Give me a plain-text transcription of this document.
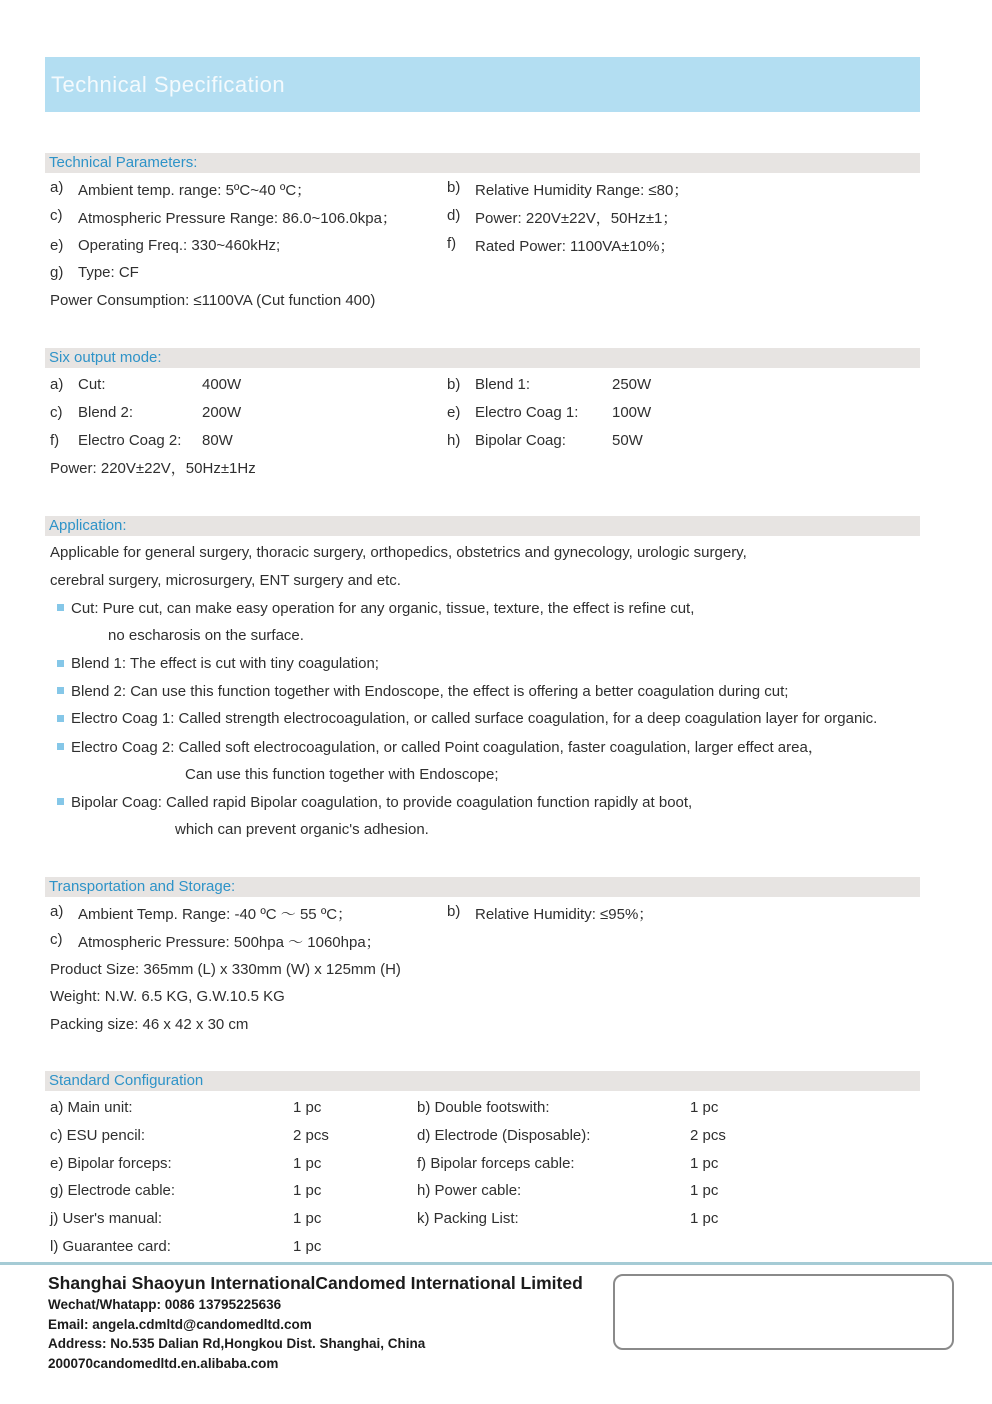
Technical Specification
Technical Parameters:
a) Ambient temp. range: 5ºC~40 ºC；	b) Relative Humidity Range: ≤80；
c)	Atmospheric Pressure Range: 86.0~106.0kpa；	d) Power: 220V±22V，50Hz±1；
e) Operating Freq.: 330~460kHz;	f)	Rated Power: 1100VA±10%；
g) Type: CF
Power Consumption: ≤1100VA (Cut function 400)
Six output mode:
a) Cut:	400W	b) Blend 1:	250W
c)	Blend 2:	200W	e) Electro Coag 1:	100W
f)	Electro Coag 2:	80W	h) Bipolar Coag:	50W
Power: 220V±22V，50Hz±1Hz
Application:
Applicable for general surgery, thoracic surgery, orthopedics, obstetrics and gynecology, urologic surgery,
cerebral surgery, microsurgery, ENT surgery and etc.
Cut: Pure cut, can make easy operation for any organic, tissue, texture, the effect is refine cut,
no escharosis on the surface.
Blend 1: The effect is cut with tiny coagulation;
Blend 2: Can use this function together with Endoscope, the effect is offering a better coagulation during cut;
Electro Coag 1: Called strength electrocoagulation, or called surface coagulation, for a deep coagulation layer for organic.
Electro Coag 2: Called soft electrocoagulation, or called Point coagulation, faster coagulation, larger effect area，
Can use this function together with Endoscope;
Bipolar Coag: Called rapid Bipolar coagulation, to provide coagulation function rapidly at boot,
which can prevent organic's adhesion.
Transportation and Storage:
a) Ambient Temp. Range: -40 ºC ～ 55 ºC；	b) Relative Humidity: ≤95%；
c)	Atmospheric Pressure: 500hpa ～ 1060hpa；
Product Size: 365mm (L) x 330mm (W) x 125mm (H)
Weight: N.W. 6.5 KG, G.W.10.5 KG
Packing size: 46 x 42 x 30 cm
Standard Configuration
a) Main unit:	1 pc	b) Double footswith:	1 pc
c) ESU pencil:	2 pcs	d) Electrode (Disposable):	2 pcs
e) Bipolar forceps:	1 pc	f) Bipolar forceps cable:	1 pc
g) Electrode cable:	1 pc	h) Power cable:	1 pc
j) User's manual:	1 pc	k) Packing List:	1 pc
l) Guarantee card:	1 pc
Shanghai Shaoyun InternationalCandomed International Limited
Wechat/Whatapp: 0086 13795225636
Email: angela.cdmltd@candomedltd.com
Address: No.535 Dalian Rd,Hongkou Dist. Shanghai, China
200070candomedltd.en.alibaba.com
